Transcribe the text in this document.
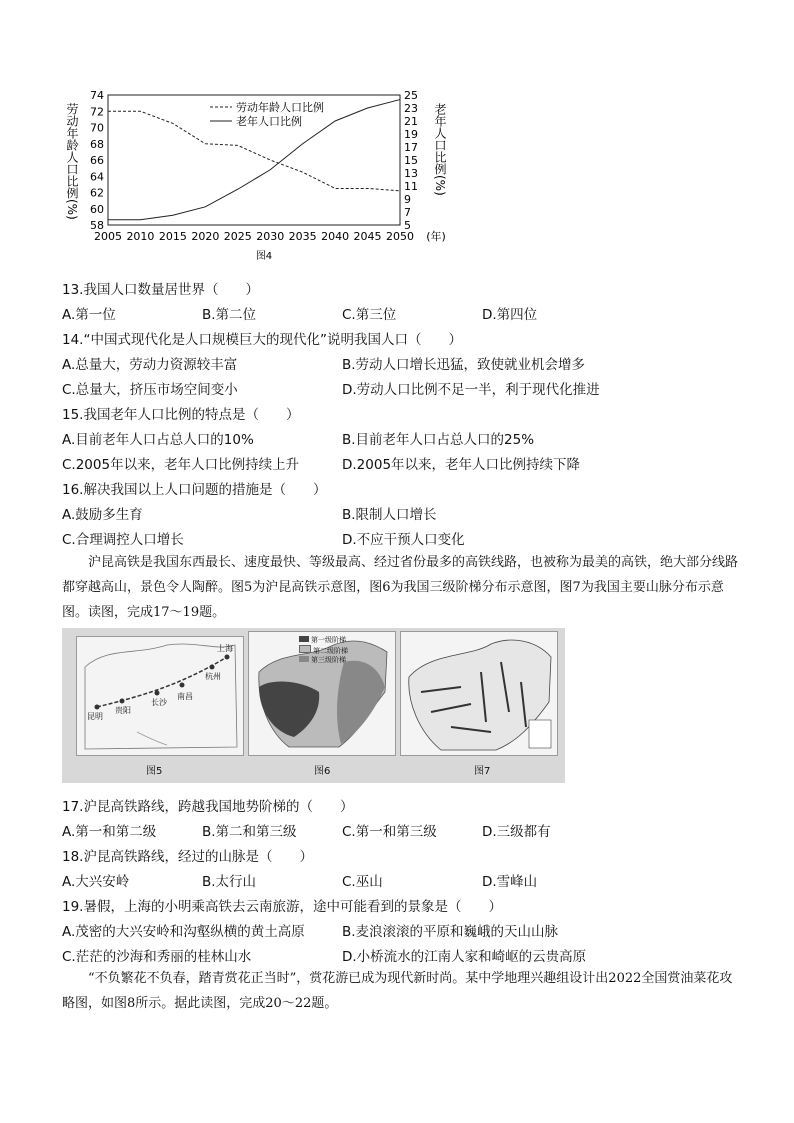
58
60
62
64
66
68
70
72
74
5
7
9
11
13
15
17
19
21
23
25
2005 2010 2015 2020 2025 2030 2035 2040 2045 2050 (年)
劳动年龄人口比例(%)	老年人口比例(%)
劳动年龄人口比例
老年人口比例
图4
13.我国人口数量居世界（　　）
A.第一位	B.第二位	C.第三位	D.第四位
14.“中国式现代化是人口规模巨大的现代化”说明我国人口（　　）
A.总量大，劳动力资源较丰富	B.劳动人口增长迅猛，致使就业机会增多
C.总量大，挤压市场空间变小	D.劳动人口比例不足一半，利于现代化推进
15.我国老年人口比例的特点是（　　）
A.目前老年人口占总人口的10%	B.目前老年人口占总人口的25%
C.2005年以来，老年人口比例持续上升	D.2005年以来，老年人口比例持续下降
16.解决我国以上人口问题的措施是（　　）
A.鼓励多生育	B.限制人口增长
C.合理调控人口增长	D.不应干预人口变化
沪昆高铁是我国东西最长、速度最快、等级最高、经过省份最多的高铁线路，也被称为最美的高铁，绝大部分线路都穿越高山，景色令人陶醉。图5为沪昆高铁示意图，图6为我国三级阶梯分布示意图，图7为我国主要山脉分布示意图。读图，完成17～19题。
上海
杭州
南昌
长沙
贵阳
昆明
图5
第一级阶梯
第二级阶梯
第三级阶梯
图6	图7
17.沪昆高铁路线，跨越我国地势阶梯的（　　）
A.第一和第二级	B.第二和第三级	C.第一和第三级	D.三级都有
18.沪昆高铁路线，经过的山脉是（　　）
A.大兴安岭	B.太行山	C.巫山	D.雪峰山
19.暑假，上海的小明乘高铁去云南旅游，途中可能看到的景象是（　　）
A.茂密的大兴安岭和沟壑纵横的黄土高原	B.麦浪滚滚的平原和巍峨的天山山脉
C.茫茫的沙海和秀丽的桂林山水	D.小桥流水的江南人家和崎岖的云贵高原
“不负繁花不负春，踏青赏花正当时”，赏花游已成为现代新时尚。某中学地理兴趣组设计出2022全国赏油菜花攻略图，如图8所示。据此读图，完成20～22题。
